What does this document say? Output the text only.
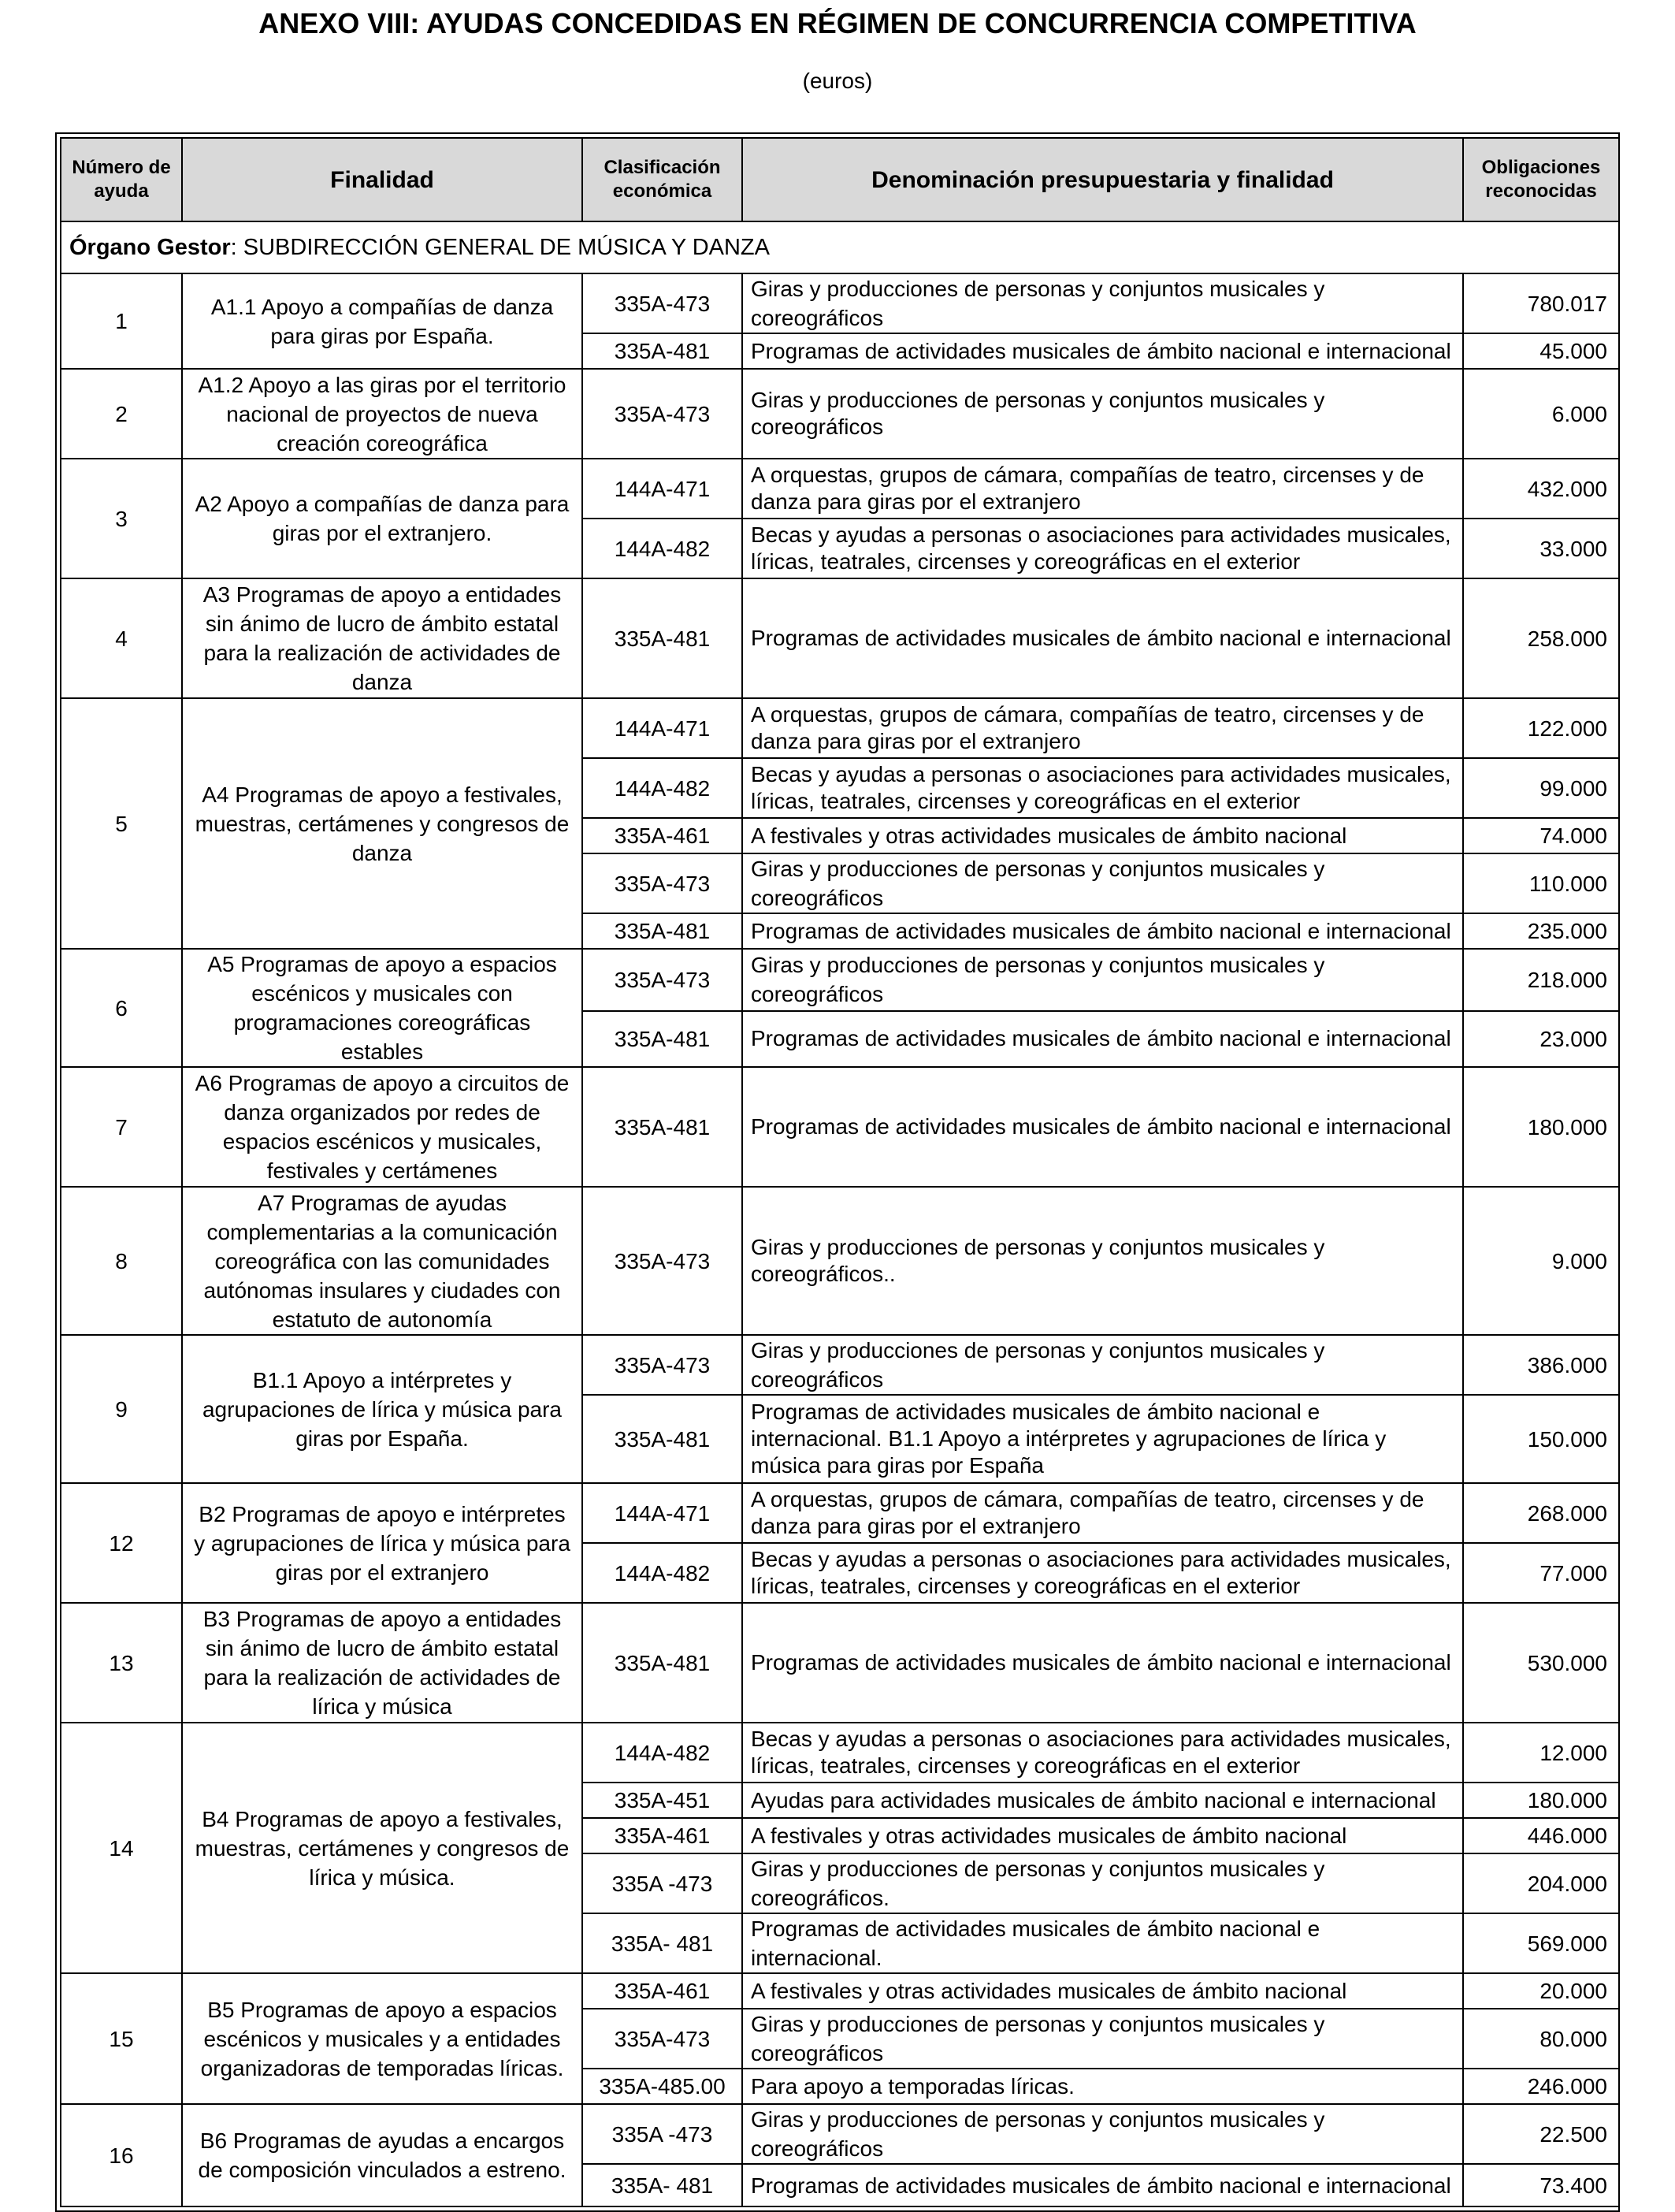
ANEXO VIII: AYUDAS CONCEDIDAS EN RÉGIMEN DE CONCURRENCIA COMPETITIVA
(euros)
Número de ayuda	Finalidad	Clasificación económica	Denominación presupuestaria y finalidad	Obligaciones reconocidas
Órgano Gestor: SUBDIRECCIÓN GENERAL DE MÚSICA Y DANZA				
1	A1.1 Apoyo a compañías de danza para giras por España.	335A-473	Giras y producciones de personas y conjuntos musicales y coreográficos	780.017
		335A-481	Programas de actividades musicales de ámbito nacional e internacional	45.000
2	A1.2 Apoyo a las giras por el territorio nacional de proyectos de nueva creación coreográfica	335A-473	Giras y producciones de personas y conjuntos musicales y coreográficos	6.000
3	A2 Apoyo a compañías de danza para giras por el extranjero.	144A-471	A orquestas, grupos de cámara, compañías de teatro, circenses y de danza para giras por el extranjero	432.000
		144A-482	Becas y ayudas a personas o asociaciones para actividades musicales, líricas, teatrales, circenses y coreográficas en el exterior	33.000
4	A3 Programas de apoyo a entidades sin ánimo de lucro de ámbito estatal para la realización de actividades de danza	335A-481	Programas de actividades musicales de ámbito nacional e internacional	258.000
5	A4 Programas de apoyo a festivales, muestras, certámenes y congresos de danza	144A-471	A orquestas, grupos de cámara, compañías de teatro, circenses y de danza para giras por el extranjero	122.000
		144A-482	Becas y ayudas a personas o asociaciones para actividades musicales, líricas, teatrales, circenses y coreográficas en el exterior	99.000
		335A-461	A festivales y otras actividades musicales de ámbito nacional	74.000
		335A-473	Giras y producciones de personas y conjuntos musicales y coreográficos	110.000
		335A-481	Programas de actividades musicales de ámbito nacional e internacional	235.000
6	A5 Programas de apoyo a espacios escénicos y musicales con programaciones coreográficas estables	335A-473	Giras y producciones de personas y conjuntos musicales y coreográficos	218.000
		335A-481	Programas de actividades musicales de ámbito nacional e internacional	23.000
7	A6 Programas de apoyo a circuitos de danza organizados por redes de espacios escénicos y musicales, festivales y certámenes	335A-481	Programas de actividades musicales de ámbito nacional e internacional	180.000
8	A7 Programas de ayudas complementarias a la comunicación coreográfica con las comunidades autónomas insulares y ciudades con estatuto de autonomía	335A-473	Giras y producciones de personas y conjuntos musicales y coreográficos..	9.000
9	B1.1 Apoyo a intérpretes y agrupaciones de lírica y música para giras por España.	335A-473	Giras y producciones de personas y conjuntos musicales y coreográficos	386.000
		335A-481	Programas de actividades musicales de ámbito nacional e internacional. B1.1 Apoyo a intérpretes y agrupaciones de lírica y música para giras por España	150.000
12	B2 Programas de apoyo e intérpretes y agrupaciones de lírica y música para giras por el extranjero	144A-471	A orquestas, grupos de cámara, compañías de teatro, circenses y de danza para giras por el extranjero	268.000
		144A-482	Becas y ayudas a personas o asociaciones para actividades musicales, líricas, teatrales, circenses y coreográficas en el exterior	77.000
13	B3 Programas de apoyo a entidades sin ánimo de lucro de ámbito estatal para la realización de actividades de lírica y música	335A-481	Programas de actividades musicales de ámbito nacional e internacional	530.000
14	B4 Programas de apoyo a festivales, muestras, certámenes y congresos de lírica y música.	144A-482	Becas y ayudas a personas o asociaciones para actividades musicales, líricas, teatrales, circenses y coreográficas en el exterior	12.000
		335A-451	Ayudas para actividades musicales de ámbito nacional e internacional	180.000
		335A-461	A festivales y otras actividades musicales de ámbito nacional	446.000
		335A -473	Giras y producciones de personas y conjuntos musicales y coreográficos.	204.000
		335A- 481	Programas de actividades musicales de ámbito nacional e internacional.	569.000
15	B5 Programas de apoyo a espacios escénicos y musicales y a entidades organizadoras de temporadas líricas.	335A-461	A festivales y otras actividades musicales de ámbito nacional	20.000
		335A-473	Giras y producciones de personas y conjuntos musicales y coreográficos	80.000
		335A-485.00	Para apoyo a temporadas líricas.	246.000
16	B6 Programas de ayudas a encargos de composición vinculados a estreno.	335A -473	Giras y producciones de personas y conjuntos musicales y coreográficos	22.500
		335A- 481	Programas de actividades musicales de ámbito nacional e internacional	73.400
